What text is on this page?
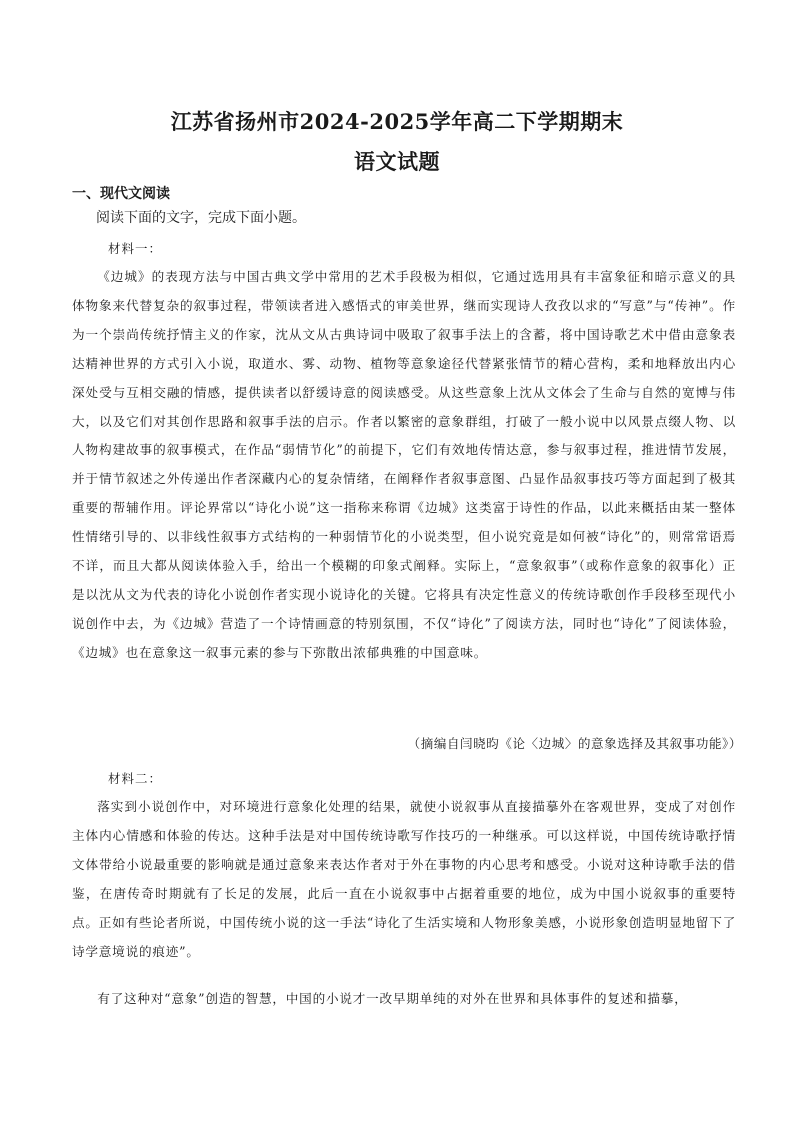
江苏省扬州市2024-2025学年高二下学期期末
语文试题
一、现代文阅读
阅读下面的文字，完成下面小题。
材料一：
《边城》的表现方法与中国古典文学中常用的艺术手段极为相似，它通过选用具有丰富象征和暗示意义的具体物象来代替复杂的叙事过程，带领读者进入感悟式的审美世界，继而实现诗人孜孜以求的“写意”与“传神”。作为一个崇尚传统抒情主义的作家，沈从文从古典诗词中吸取了叙事手法上的含蓄，将中国诗歌艺术中借由意象表达精神世界的方式引入小说，取道水、雾、动物、植物等意象途径代替紧张情节的精心营构，柔和地释放出内心深处受与互相交融的情感，提供读者以舒缓诗意的阅读感受。从这些意象上沈从文体会了生命与自然的宽博与伟大，以及它们对其创作思路和叙事手法的启示。作者以繁密的意象群组，打破了一般小说中以风景点缀人物、以人物构建故事的叙事模式，在作品“弱情节化”的前提下，它们有效地传情达意，参与叙事过程，推进情节发展，并于情节叙述之外传递出作者深藏内心的复杂情绪，在阐释作者叙事意图、凸显作品叙事技巧等方面起到了极其重要的帮辅作用。评论界常以“诗化小说”这一指称来称谓《边城》这类富于诗性的作品，以此来概括由某一整体性情绪引导的、以非线性叙事方式结构的一种弱情节化的小说类型，但小说究竟是如何被“诗化”的，则常常语焉不详，而且大都从阅读体验入手，给出一个模糊的印象式阐释。实际上，“意象叙事”（或称作意象的叙事化）正是以沈从文为代表的诗化小说创作者实现小说诗化的关键。它将具有决定性意义的传统诗歌创作手段移至现代小说创作中去，为《边城》营造了一个诗情画意的特别氛围，不仅“诗化”了阅读方法，同时也“诗化”了阅读体验，《边城》也在意象这一叙事元素的参与下弥散出浓郁典雅的中国意味。
（摘编自闫晓昀《论〈边城〉的意象选择及其叙事功能》）
材料二：
落实到小说创作中，对环境进行意象化处理的结果，就使小说叙事从直接描摹外在客观世界，变成了对创作主体内心情感和体验的传达。这种手法是对中国传统诗歌写作技巧的一种继承。可以这样说，中国传统诗歌抒情文体带给小说最重要的影响就是通过意象来表达作者对于外在事物的内心思考和感受。小说对这种诗歌手法的借鉴，在唐传奇时期就有了长足的发展，此后一直在小说叙事中占据着重要的地位，成为中国小说叙事的重要特点。正如有些论者所说，中国传统小说的这一手法“诗化了生活实境和人物形象美感，小说形象创造明显地留下了诗学意境说的痕迹”。
有了这种对“意象”创造的智慧，中国的小说才一改早期单纯的对外在世界和具体事件的复述和描摹，
